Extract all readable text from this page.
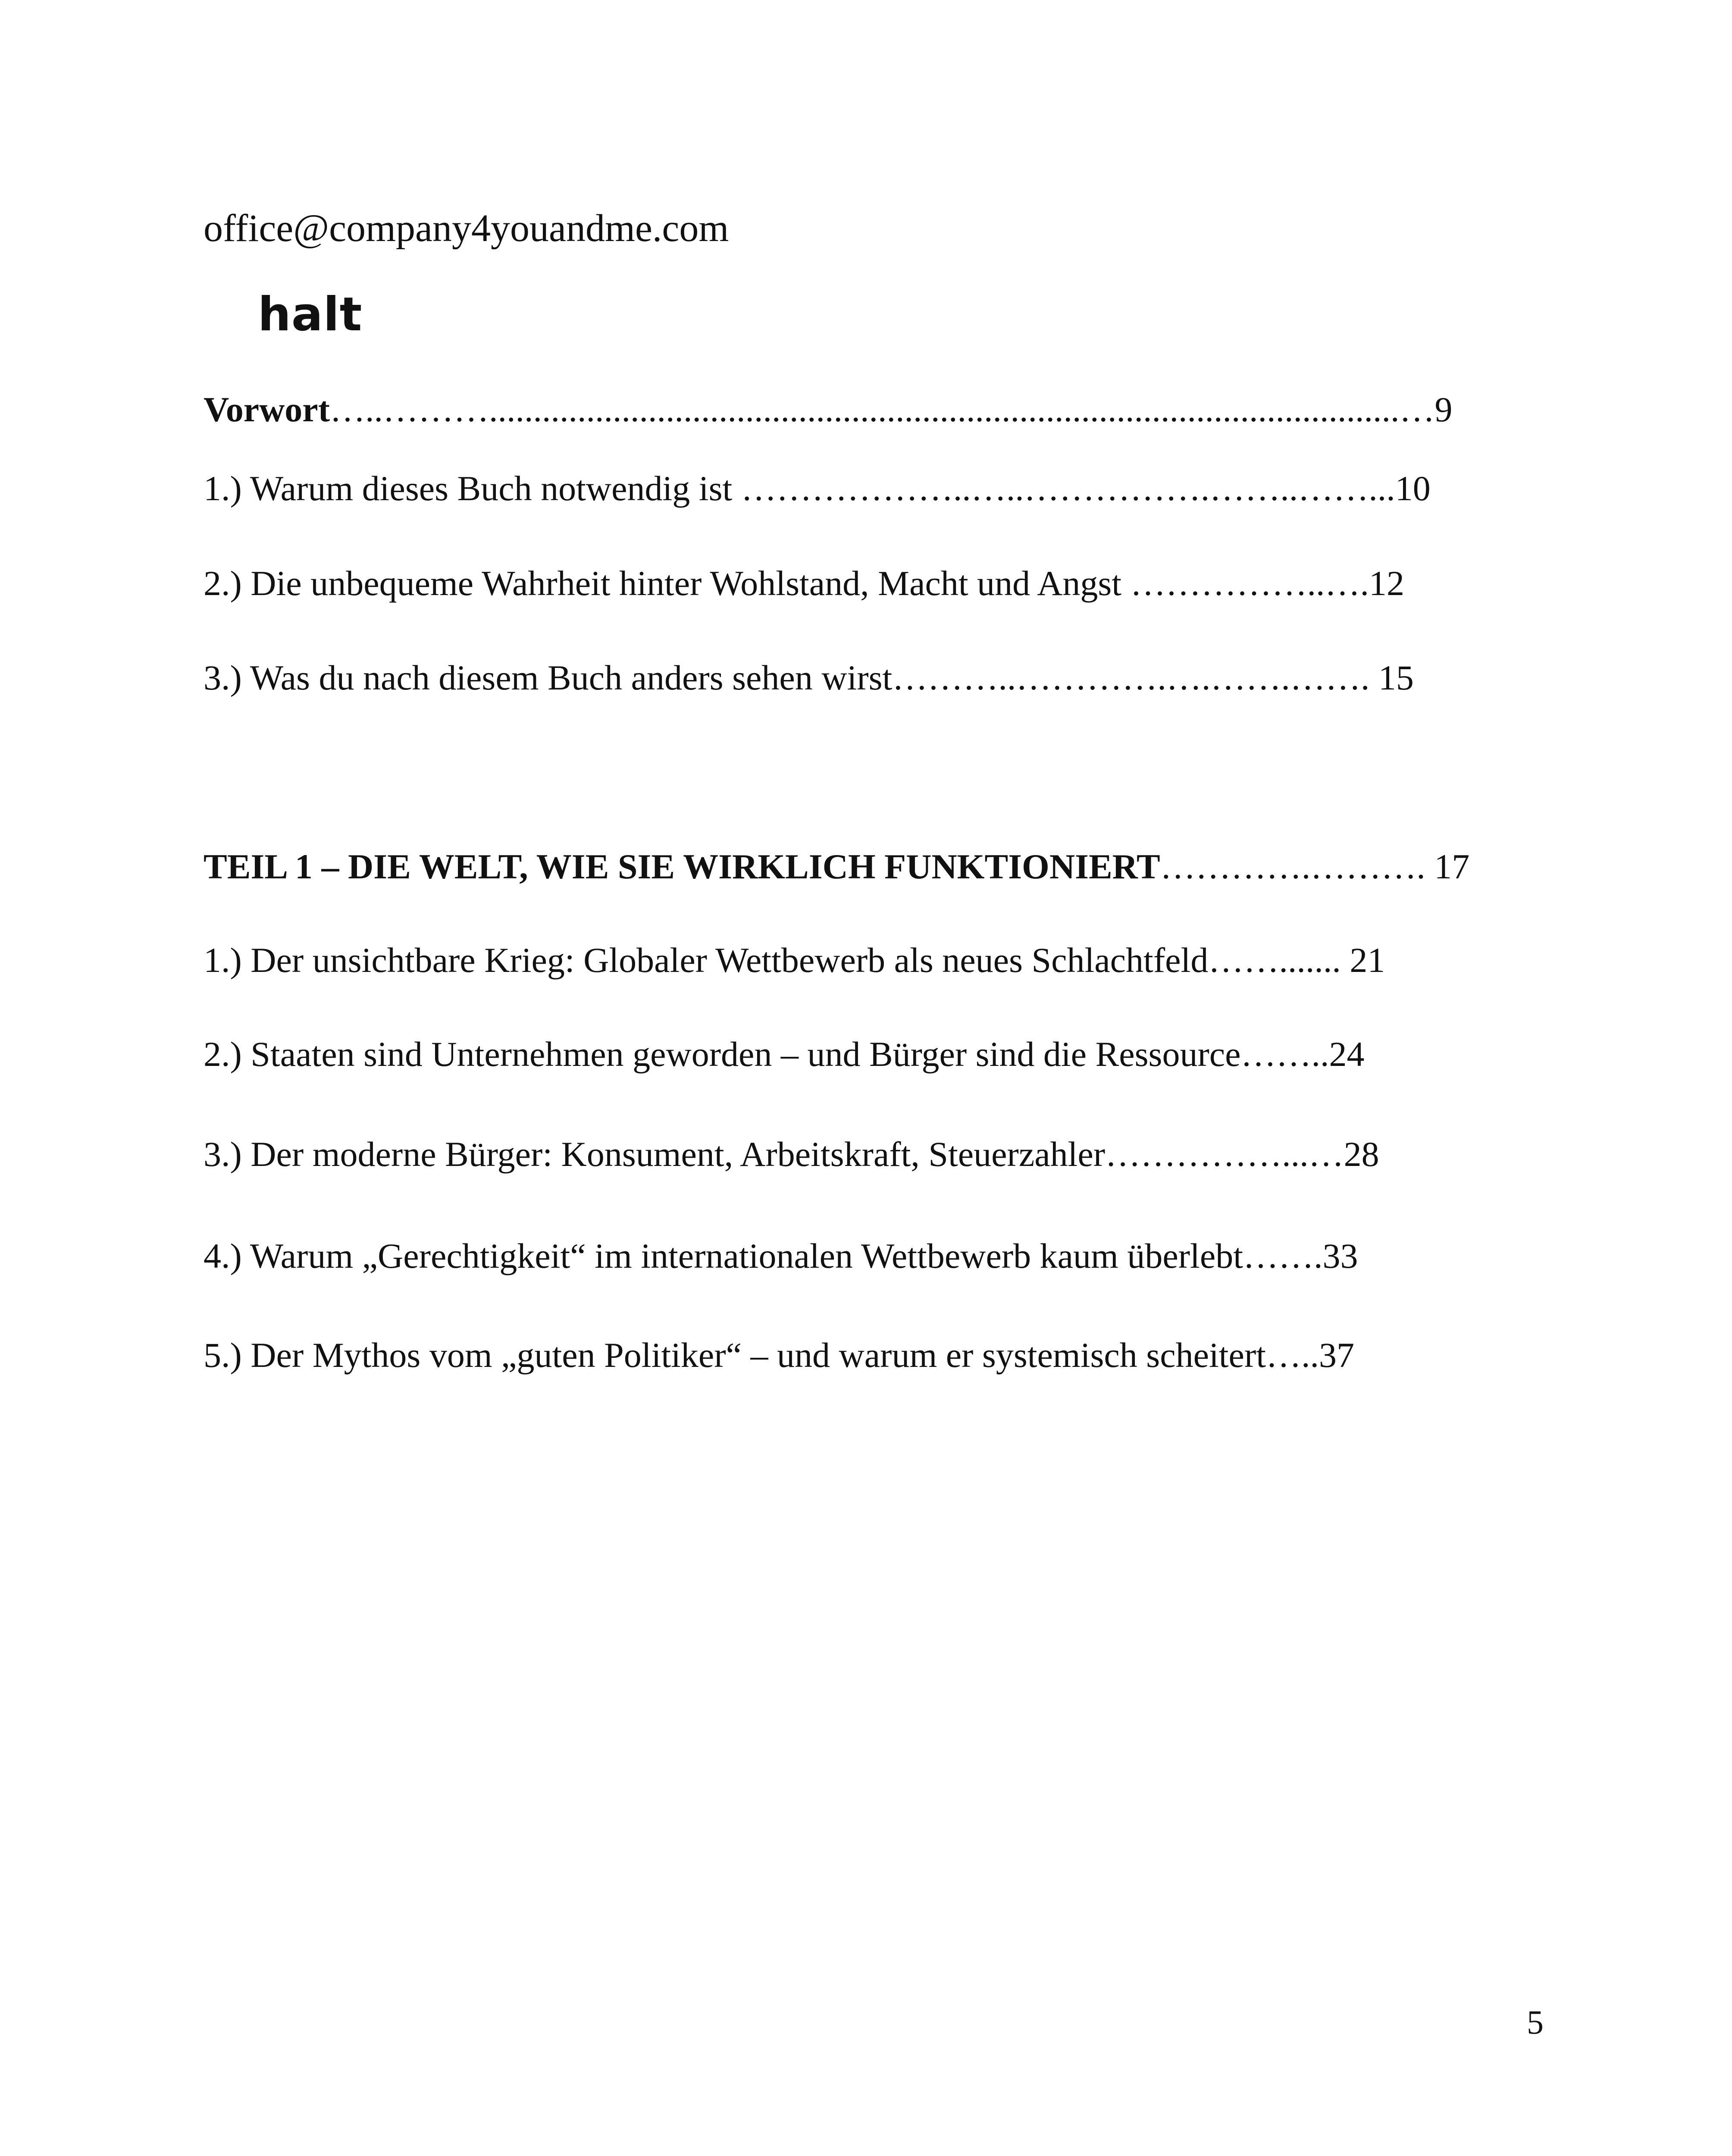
office@company4youandme.com
halt
Vorwort…..……….......................................................................................................…9
1.) Warum dieses Buch notwendig ist ………………..…..…………….……..……...10
2.) Die unbequeme Wahrheit hinter Wohlstand, Macht und Angst ……………..….12
3.) Was du nach diesem Buch anders sehen wirst………..………….….…….……. 15
TEIL 1 – DIE WELT, WIE SIE WIRKLICH FUNKTIONIERT………….………. 17
1.) Der unsichtbare Krieg: Globaler Wettbewerb als neues Schlachtfeld……....... 21
2.) Staaten sind Unternehmen geworden – und Bürger sind die Ressource……..24
3.) Der moderne Bürger: Konsument, Arbeitskraft, Steuerzahler……………...…28
4.) Warum „Gerechtigkeit“ im internationalen Wettbewerb kaum überlebt…….33
5.) Der Mythos vom „guten Politiker“ – und warum er systemisch scheitert…..37
5
